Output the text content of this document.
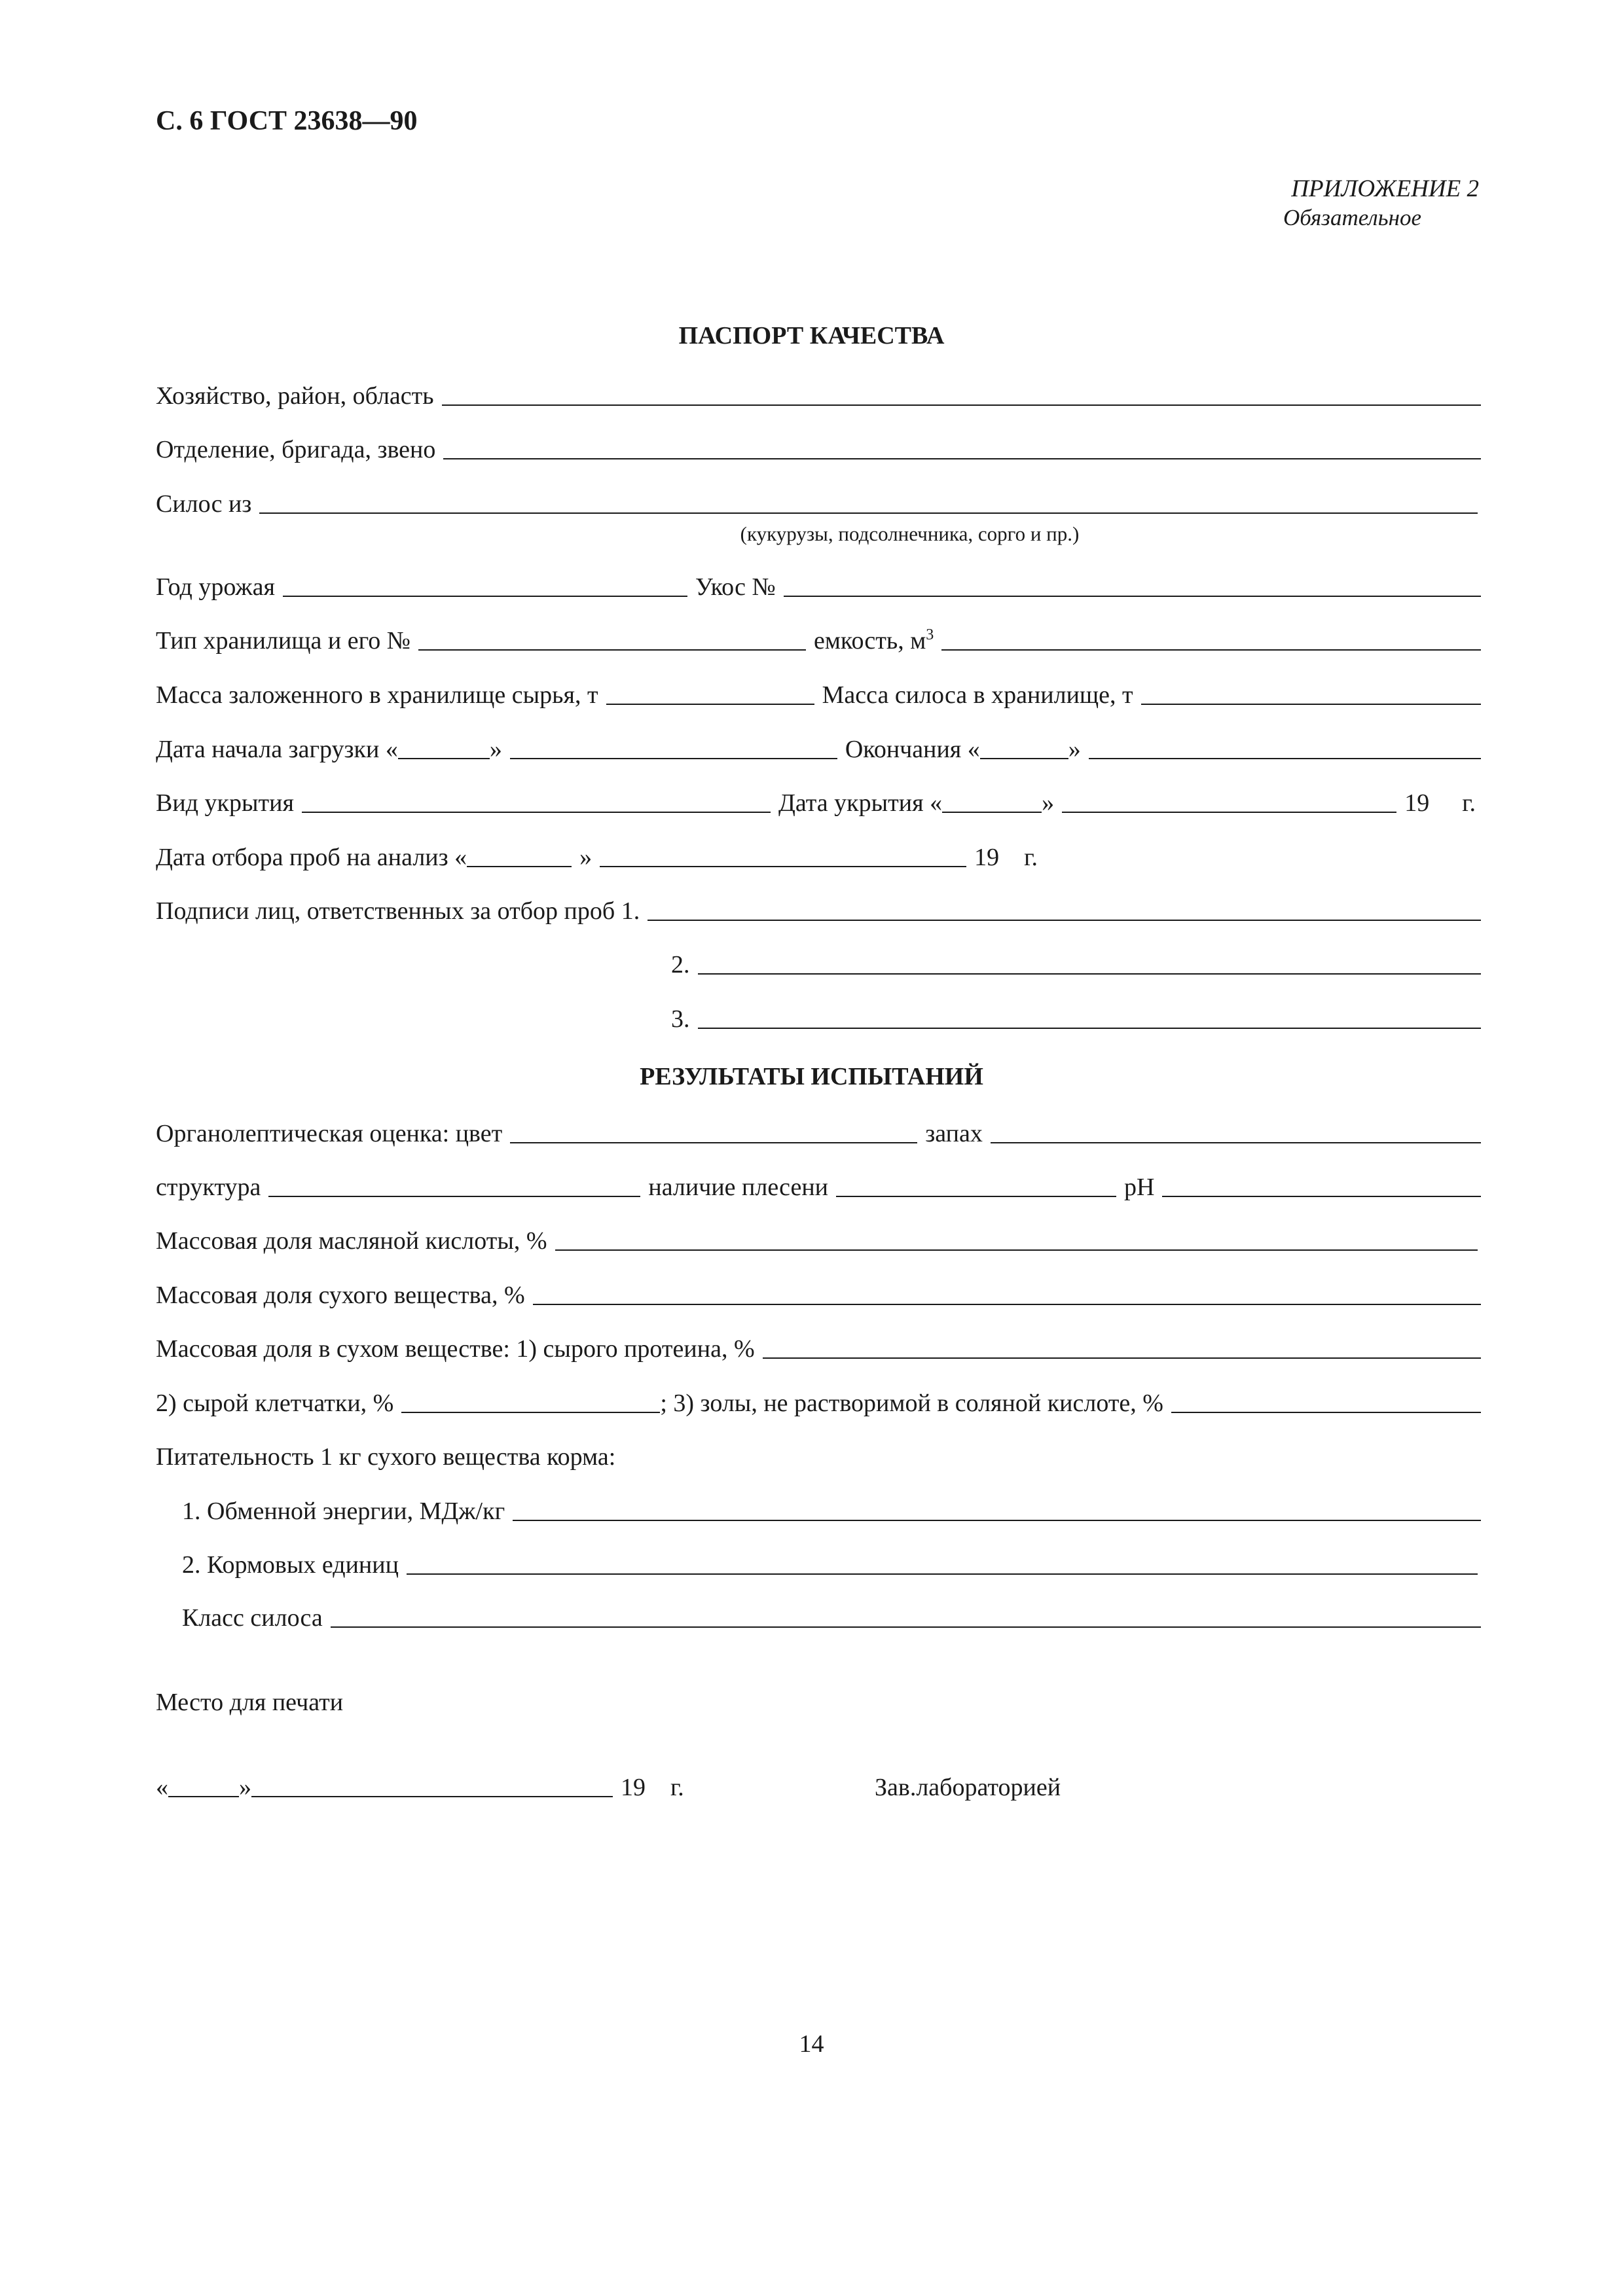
С. 6 ГОСТ 23638—90
ПРИЛОЖЕНИЕ 2
Обязательное
ПАСПОРТ КАЧЕСТВА
Хозяйство, район, область
Отделение, бригада, звено
Силос из
(кукурузы, подсолнечника, сорго и пр.)
Год урожая	Укос №
Тип хранилища и его №	емкость, $м^3$
Масса заложенного в хранилище сырья, т	Масса силоса в хранилище, т
Дата начала загрузки «	»	Окончания «	»
Вид укрытия	Дата укрытия «	»	19 г.
Дата отбора проб на анализ «	»	19 г.
Подписи лиц, ответственных за отбор проб 1.
2.
3.
РЕЗУЛЬТАТЫ ИСПЫТАНИЙ
Органолептическая оценка: цвет	запах
структура	наличие плесени	pH
Массовая доля масляной кислоты, %
Массовая доля сухого вещества, %
Массовая доля в сухом веществе: 1) сырого протеина, %
2) сырой клетчатки, %	; 3) золы, не растворимой в соляной кислоте, %
Питательность 1 кг сухого вещества корма:
1. Обменной энергии, МДж/кг
2. Кормовых единиц
Класс силоса
Место для печати
«	»	19 г.	Зав.лабораторией
14
